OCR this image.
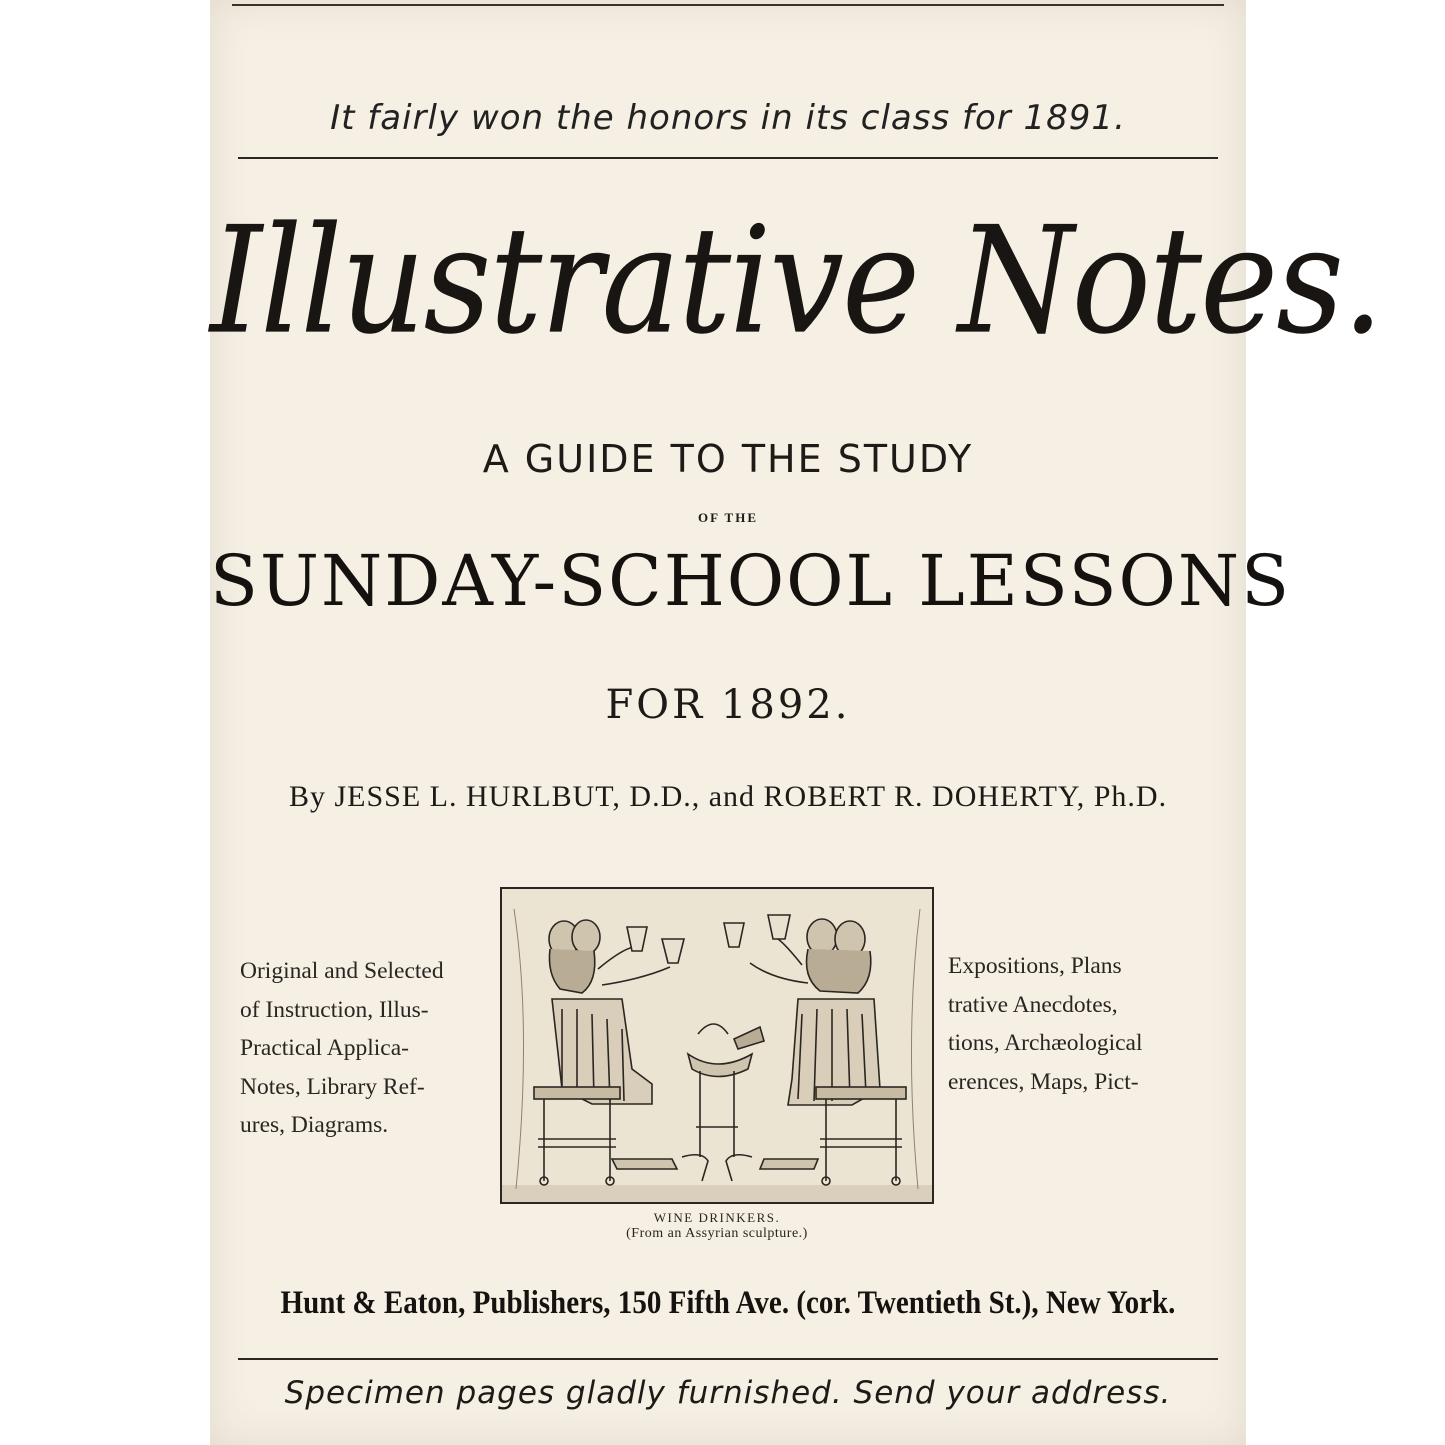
It fairly won the honors in its class for 1891.
Illustrative Notes.
A GUIDE TO THE STUDY
OF THE
SUNDAY-SCHOOL LESSONS
FOR 1892.
By JESSE L. HURLBUT, D.D., and ROBERT R. DOHERTY, Ph.D.
Original and Selected
of Instruction, Illus-
Practical Applica-
Notes, Library Ref-
ures, Diagrams.
Expositions, Plans
trative Anecdotes,
tions, Archæological
erences, Maps, Pict-
WINE DRINKERS.
(From an Assyrian sculpture.)
Hunt & Eaton, Publishers, 150 Fifth Ave. (cor. Twentieth St.), New York.
Specimen pages gladly furnished. Send your address.
